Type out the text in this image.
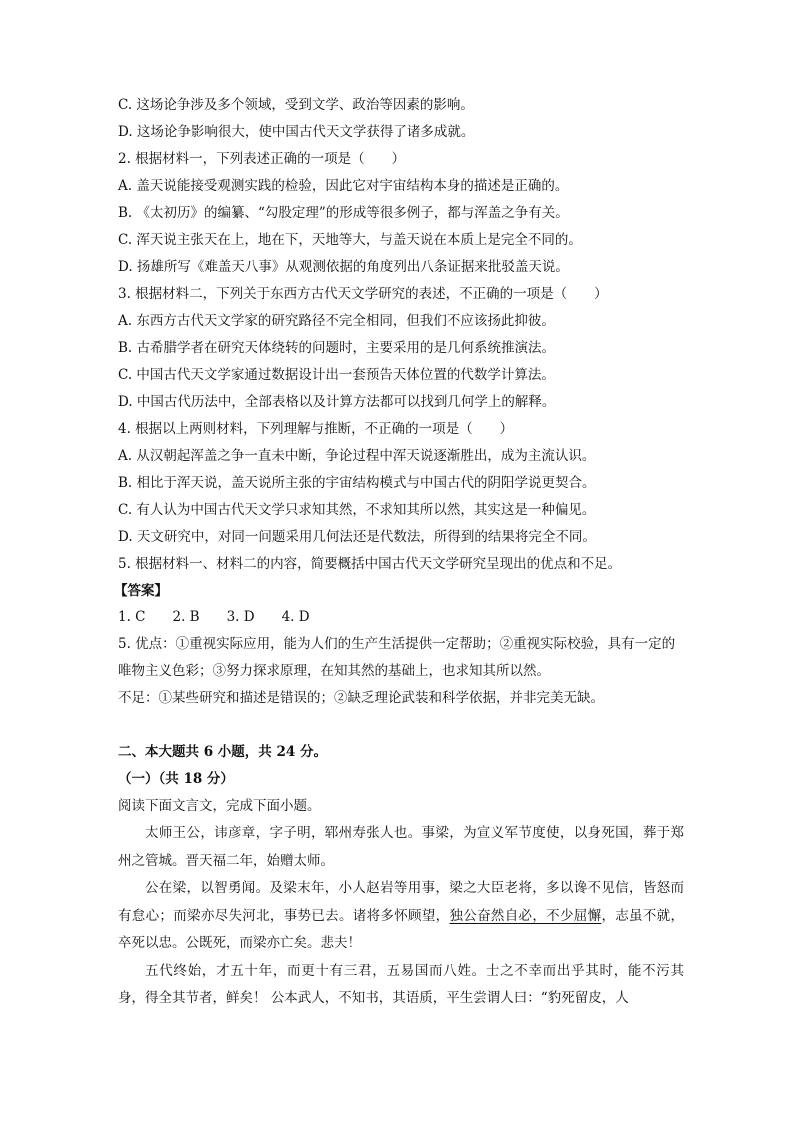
C. 这场论争涉及多个领域，受到文学、政治等因素的影响。
D. 这场论争影响很大，使中国古代天文学获得了诸多成就。
2. 根据材料一，下列表述正确的一项是（　　）
A. 盖天说能接受观测实践的检验，因此它对宇宙结构本身的描述是正确的。
B. 《太初历》的编纂、“勾股定理”的形成等很多例子，都与浑盖之争有关。
C. 浑天说主张天在上，地在下，天地等大，与盖天说在本质上是完全不同的。
D. 扬雄所写《难盖天八事》从观测依据的角度列出八条证据来批驳盖天说。
3. 根据材料二，下列关于东西方古代天文学研究的表述，不正确的一项是（　　）
A. 东西方古代天文学家的研究路径不完全相同，但我们不应该扬此抑彼。
B. 古希腊学者在研究天体绕转的问题时，主要采用的是几何系统推演法。
C. 中国古代天文学家通过数据设计出一套预告天体位置的代数学计算法。
D. 中国古代历法中，全部表格以及计算方法都可以找到几何学上的解释。
4. 根据以上两则材料，下列理解与推断，不正确的一项是（　　）
A. 从汉朝起浑盖之争一直未中断，争论过程中浑天说逐渐胜出，成为主流认识。
B. 相比于浑天说，盖天说所主张的宇宙结构模式与中国古代的阴阳学说更契合。
C. 有人认为中国古代天文学只求知其然，不求知其所以然，其实这是一种偏见。
D. 天文研究中，对同一问题采用几何法还是代数法，所得到的结果将完全不同。
5. 根据材料一、材料二的内容，简要概括中国古代天文学研究呈现出的优点和不足。
【答案】
1. C　　2. B　　3. D　　4. D
5. 优点：①重视实际应用，能为人们的生产生活提供一定帮助；②重视实际校验，具有一定的唯物主义色彩；③努力探求原理，在知其然的基础上，也求知其所以然。
不足：①某些研究和描述是错误的；②缺乏理论武装和科学依据，并非完美无缺。
二、本大题共 6 小题，共 24 分。
（一）（共 18 分）
阅读下面文言文，完成下面小题。
太师王公，讳彦章，字子明，郓州寿张人也。事梁，为宣义军节度使，以身死国，葬于郑州之管城。晋天福二年，始赠太师。
公在梁，以智勇闻。及梁末年，小人赵岩等用事，梁之大臣老将，多以谗不见信，皆怒而有怠心；而梁亦尽失河北，事势已去。诸将多怀顾望，独公奋然自必，不少屈懈，志虽不就，卒死以忠。公既死，而梁亦亡矣。悲夫！
五代终始，才五十年，而更十有三君，五易国而八姓。士之不幸而出乎其时，能不污其身，得全其节者，鲜矣！ 公本武人，不知书，其语质，平生尝谓人曰：“豹死留皮，人
